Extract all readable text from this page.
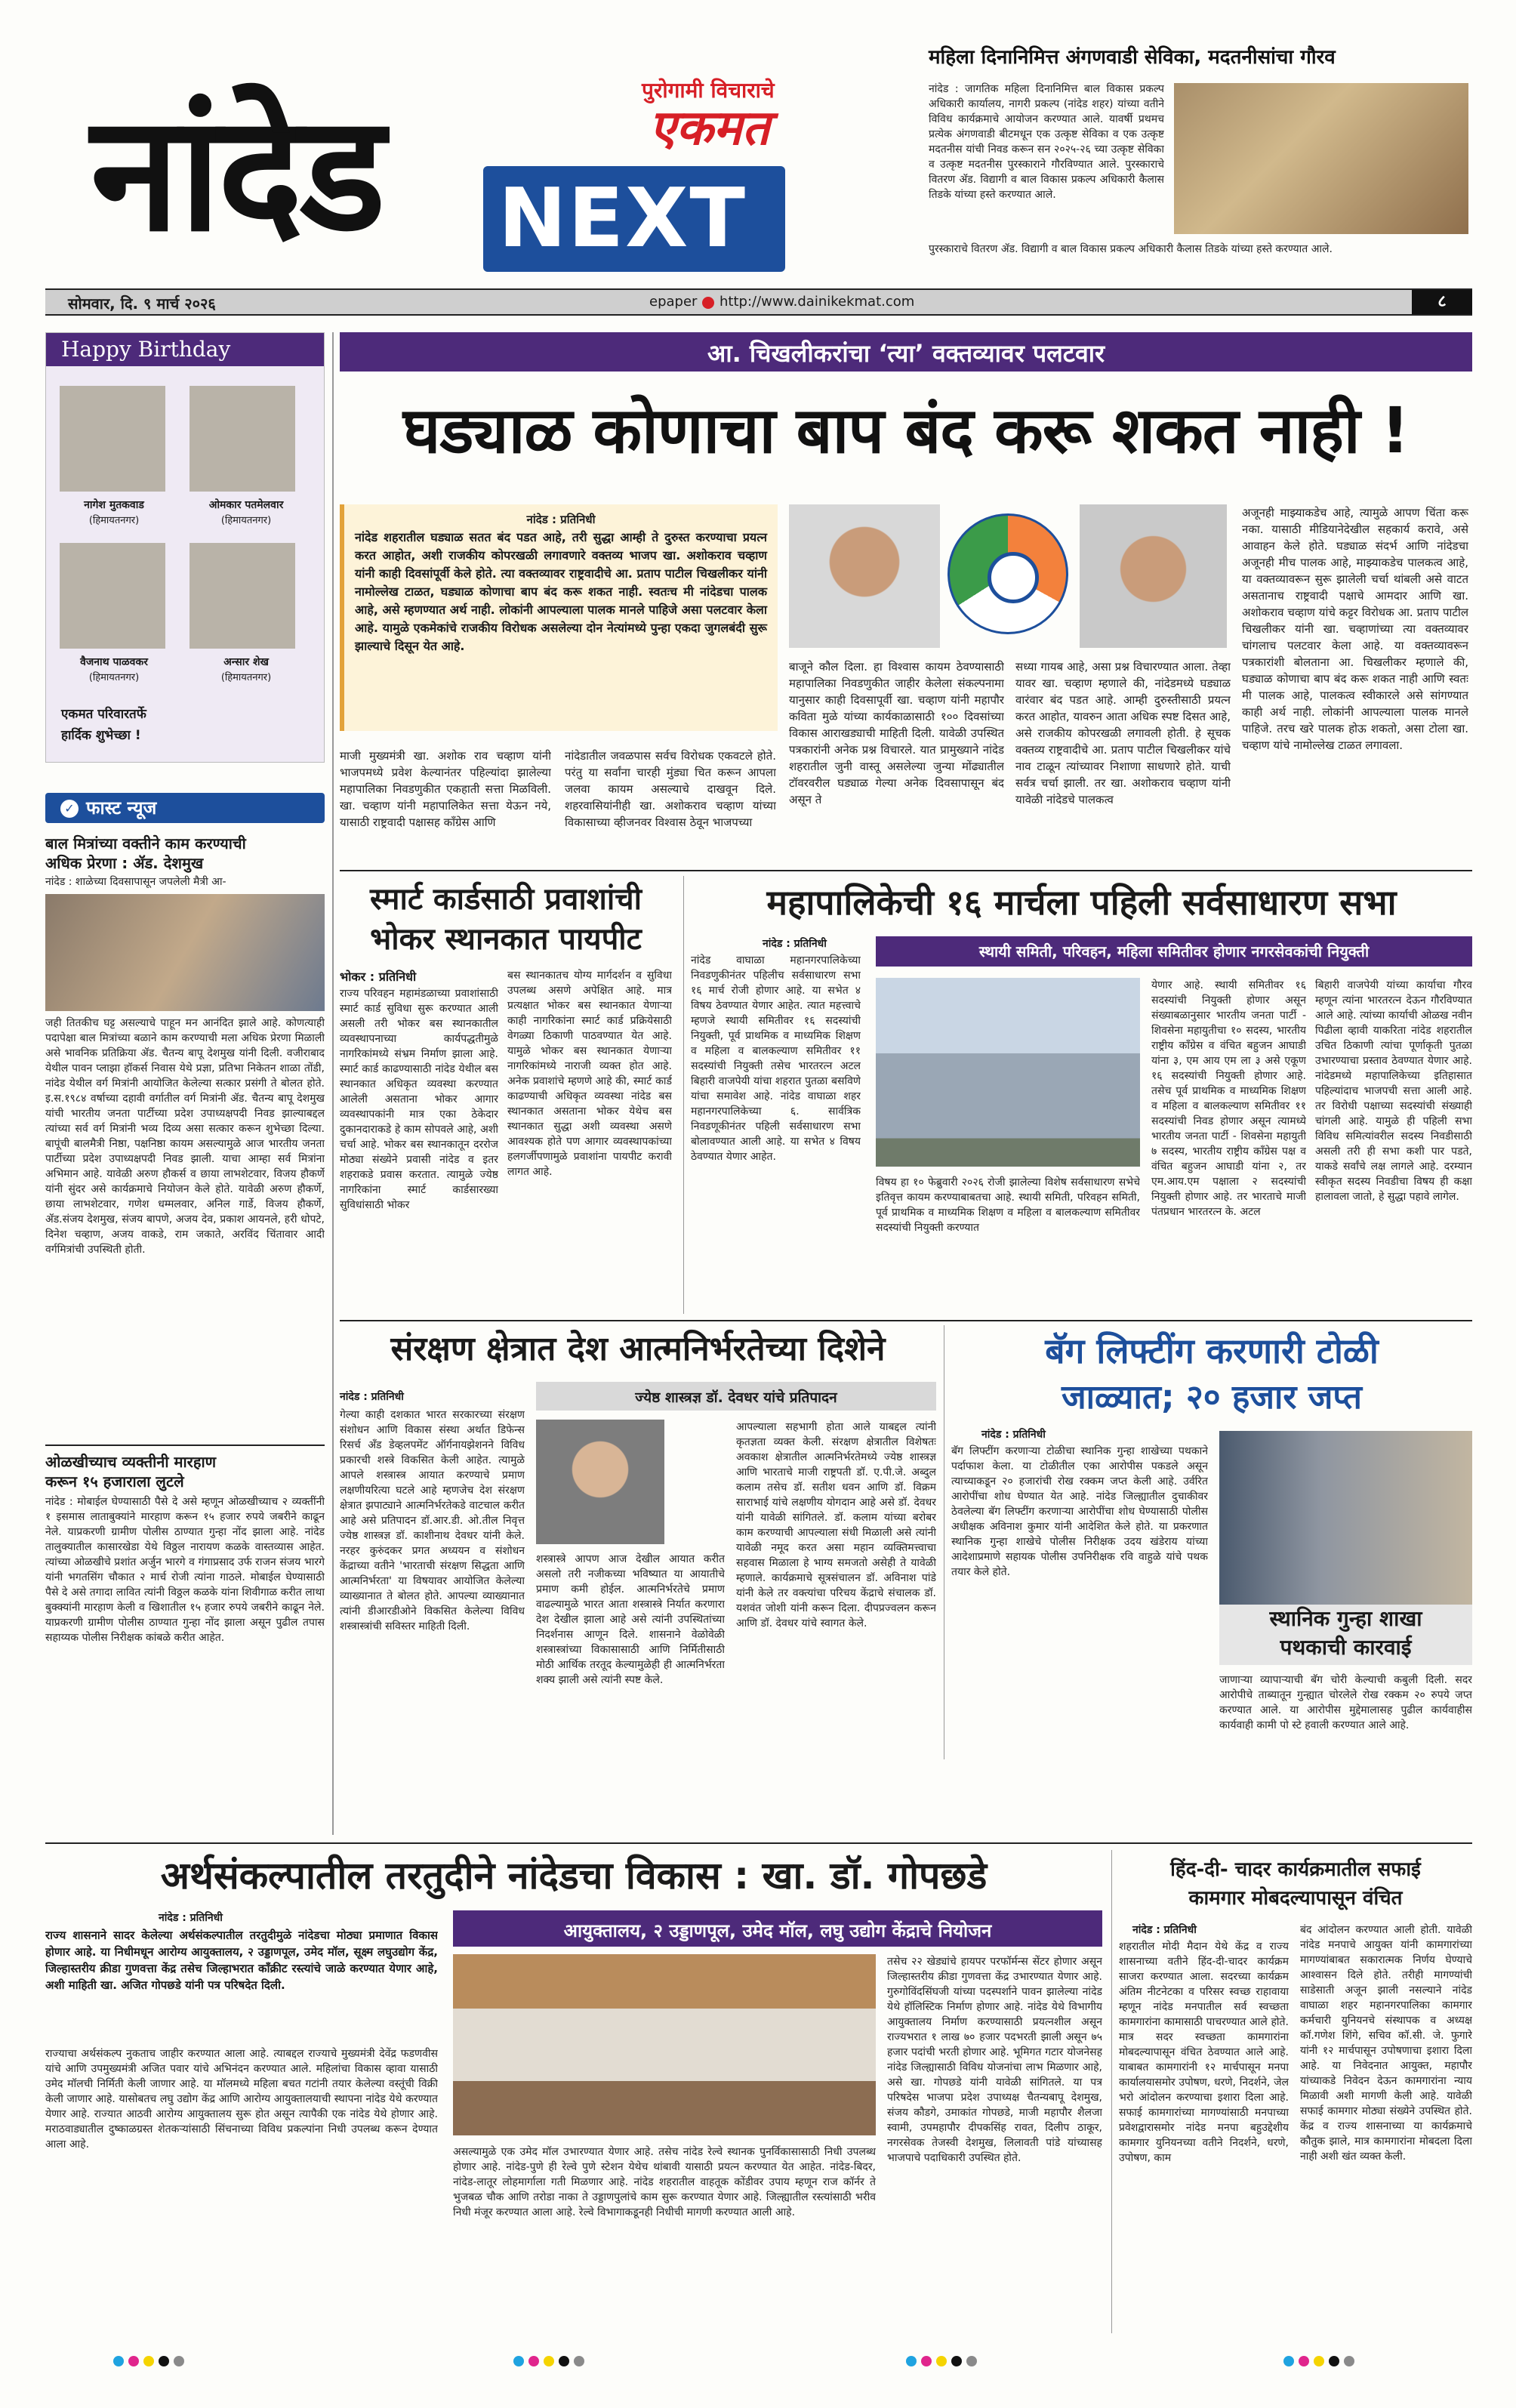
नांदेड	पुरोगामी विचाराचे
एकमत
NEXT
महिला दिनानिमित्त अंगणवाडी सेविका, मदतनीसांचा गौरव
नांदेड : जागतिक महिला दिनानिमित्त बाल विकास प्रकल्प अधिकारी कार्यालय, नागरी प्रकल्प (नांदेड शहर) यांच्या वतीने विविध कार्यक्रमाचे आयोजन करण्यात आले. यावर्षी प्रथमच प्रत्येक अंगणवाडी बीटमधून एक उत्कृष्ट सेविका व एक उत्कृष्ट मदतनीस यांची निवड करून सन २०२५-२६ च्या उत्कृष्ट सेविका व उत्कृष्ट मदतनीस पुरस्काराने गौरविण्यात आले. पुरस्काराचे वितरण ॲड. विद्यागी व बाल विकास प्रकल्प अधिकारी कैलास तिडके यांच्या हस्ते करण्यात आले.
पुरस्काराचे वितरण ॲड. विद्यागी व बाल विकास प्रकल्प अधिकारी कैलास तिडके यांच्या हस्ते करण्यात आले.
सोमवार, दि. ९ मार्च २०२६	epaper http://www.dainikekmat.com	८
Happy Birthday
नागेश मुतकवाड
(हिमायतनगर)
ओमकार पतमेलवार
(हिमायतनगर)
वैजनाथ पाळवकर
(हिमायतनगर)
अन्सार शेख
(हिमायतनगर)
एकमत परिवारतर्फे
हार्दिक शुभेच्छा !
✓ फास्ट न्यूज
बाल मित्रांच्या वक्तीने काम करण्याची
अधिक प्रेरणा : ॲड. देशमुख
नांदेड : शाळेच्या दिवसापासून जपलेली मैत्री आ-
जही तितकीच घट्ट असल्याचे पाहून मन आनंदित झाले आहे. कोणत्याही पदापेक्षा बाल मित्रांच्या बळाने काम करण्याची मला अधिक प्रेरणा मिळाली असे भावनिक प्रतिक्रिया ॲड. चैतन्य बापू देशमुख यांनी दिली. वजीराबाद येथील पावन प्लाझा हॉकर्स निवास येथे प्रज्ञा, प्रतिभा निकेतन शाळा तोंडी, नांदेड येथील वर्ग मित्रांनी आयोजित केलेल्या सत्कार प्रसंगी ते बोलत होते. इ.स.१९८४ वर्षाच्या दहावी वर्गातील वर्ग मित्रांनी ॲड. चैतन्य बापू देशमुख यांची भारतीय जनता पार्टीच्या प्रदेश उपाध्यक्षपदी निवड झाल्याबद्दल त्यांच्या सर्व वर्ग मित्रांनी भव्य दिव्य असा सत्कार करून शुभेच्छा दिल्या. बापूंची बालमैत्री निष्ठा, पक्षनिष्ठा कायम असल्यामुळे आज भारतीय जनता पार्टीच्या प्रदेश उपाध्यक्षपदी निवड झाली. याचा आम्हा सर्व मित्रांना अभिमान आहे. यावेळी अरुण हौकर्स व छाया लाभशेटवार, विजय हौकर्णे यांनी सुंदर असे कार्यक्रमाचे नियोजन केले होते. यावेळी अरुण हौकर्णे, छाया लाभशेटवार, गणेश धम्मलवार, अनिल गार्डे, विजय हौकर्णे, ॲड.संजय देशमुख, संजय बापणे, अजय देव, प्रकाश आयनले, हरी धोपटे, दिनेश चव्हाण, अजय वाकडे, राम जकाते, अरविंद चिंतावार आदी वर्गमित्रांची उपस्थिती होती.
ओळखीच्याच व्यक्तीनी मारहाण
करून १५ हजाराला लुटले
नांदेड : मोबाईल घेण्यासाठी पैसे दे असे म्हणून ओळखीच्याच २ व्यक्तींनी १ इसमास लाताबुक्यांने मारहाण करून १५ हजार रुपये जबरीने काढून नेले. याप्रकरणी ग्रामीण पोलीस ठाण्यात गुन्हा नोंद झाला आहे. नांदेड तालुक्यातील कासारखेडा येथे विठ्ठल नारायण कळके वास्तव्यास आहेत. त्यांच्या ओळखीचे प्रशांत अर्जुन भारगे व गंगाप्रसाद उर्फ राजन संजय भारगे यांनी भगतसिंग चौकात २ मार्च रोजी त्यांना गाठले. मोबाईल घेण्यासाठी पैसे दे असे तगादा लावित त्यांनी विठ्ठल कळके यांना शिवीगाळ करीत लाथा बुक्क्यांनी मारहाण केली व खिशातील १५ हजार रुपये जबरीने काढून नेले. याप्रकरणी ग्रामीण पोलीस ठाण्यात गुन्हा नोंद झाला असून पुढील तपास सहाय्यक पोलीस निरीक्षक कांबळे करीत आहेत.
आ. चिखलीकरांचा ‘त्या’ वक्तव्यावर पलटवार
घड्याळ कोणाचा बाप बंद करू शकत नाही !
नांदेड : प्रतिनिधी
नांदेड शहरातील घड्याळ सतत बंद पडत आहे, तरी सुद्धा आम्ही ते दुरुस्त करण्याचा प्रयत्न करत आहोत, अशी राजकीय कोपरखळी लगावणारे वक्तव्य भाजप खा. अशोकराव चव्हाण यांनी काही दिवसांपूर्वी केले होते. त्या वक्तव्यावर राष्ट्रवादीचे आ. प्रताप पाटील चिखलीकर यांनी नामोल्लेख टाळत, घड्याळ कोणाचा बाप बंद करू शकत नाही. स्वतःच मी नांदेडचा पालक आहे, असे म्हणण्यात अर्थ नाही. लोकांनी आपल्याला पालक मानले पाहिजे असा पलटवार केला आहे. यामुळे एकमेकांचे राजकीय विरोधक असलेल्या दोन नेत्यांमध्ये पुन्हा एकदा जुगलबंदी सुरू झाल्याचे दिसून येत आहे.
माजी मुख्यमंत्री खा. अशोक राव चव्हाण यांनी भाजपमध्ये प्रवेश केल्यानंतर पहिल्यांदा झालेल्या महापालिका निवडणुकीत एकहाती सत्ता मिळविली. खा. चव्हाण यांनी महापालिकेत सत्ता येऊन नये, यासाठी राष्ट्रवादी पक्षासह काँग्रेस आणि
नांदेडातील जवळपास सर्वच विरोधक एकवटले होते. परंतु या सर्वांना चारही मुंड्या चित करून आपला जलवा कायम असल्याचे दाखवून दिले. शहरवासियांनीही खा. अशोकराव चव्हाण यांच्या विकासाच्या व्हीजनवर विश्वास ठेवून भाजपच्या
बाजूने कौल दिला. हा विश्वास कायम ठेवण्यासाठी महापालिका निवडणुकीत जाहीर केलेला संकल्पनामा यानुसार काही दिवसापूर्वी खा. चव्हाण यांनी महापौर कविता मुळे यांच्या कार्यकाळासाठी १०० दिवसांच्या विकास आराखड्याची माहिती दिली. यावेळी उपस्थित पत्रकारांनी अनेक प्रश्न विचारले. यात प्रामुख्याने नांदेड शहरातील जुनी वास्तू असलेल्या जुन्या मोंढ्यातील टॉवरवरील घड्याळ गेल्या अनेक दिवसापासून बंद असून ते
सध्या गायब आहे, असा प्रश्न विचारण्यात आला. तेव्हा यावर खा. चव्हाण म्हणाले की, नांदेडमध्ये घड्याळ वारंवार बंद पडत आहे. आम्ही दुरुस्तीसाठी प्रयत्न करत आहोत, यावरुन आता अधिक स्पष्ट दिसत आहे, असे राजकीय कोपरखळी लगावली होती. हे सूचक वक्तव्य राष्ट्रवादीचे आ. प्रताप पाटील चिखलीकर यांचे नाव टाळून त्यांच्यावर निशाणा साधणारे होते. याची सर्वत्र चर्चा झाली. तर खा. अशोकराव चव्हाण यांनी यावेळी नांदेडचे पालकत्व
अजूनही माझ्याकडेच आहे, त्यामुळे आपण चिंता करू नका. यासाठी मीडियानेदेखील सहकार्य करावे, असे आवाहन केले होते. घड्याळ संदर्भ आणि नांदेडचा अजूनही मीच पालक आहे, माझ्याकडेच पालकत्व आहे, या वक्तव्यावरून सुरू झालेली चर्चा थांबली असे वाटत असतानाच राष्ट्रवादी पक्षाचे आमदार आणि खा. अशोकराव चव्हाण यांचे कट्टर विरोधक आ. प्रताप पाटील चिखलीकर यांनी खा. चव्हाणांच्या त्या वक्तव्यावर चांगलाच पलटवार केला आहे. या वक्तव्यावरून पत्रकारांशी बोलताना आ. चिखलीकर म्हणाले की, घड्याळ कोणाचा बाप बंद करू शकत नाही आणि स्वतः मी पालक आहे, पालकत्व स्वीकारले असे सांगण्यात काही अर्थ नाही. लोकांनी आपल्याला पालक मानले पाहिजे. तरच खरे पालक होऊ शकतो, असा टोला खा. चव्हाण यांचे नामोल्लेख टाळत लगावला.
स्मार्ट कार्डसाठी प्रवाशांची
भोकर स्थानकात पायपीट
भोकर : प्रतिनिधी
राज्य परिवहन महामंडळाच्या प्रवाशांसाठी स्मार्ट कार्ड सुविधा सुरू करण्यात आली असली तरी भोकर बस स्थानकातील व्यवस्थापनाच्या कार्यपद्धतीमुळे नागरिकांमध्ये संभ्रम निर्माण झाला आहे. स्मार्ट कार्ड काढण्यासाठी नांदेड येथील बस स्थानकात अधिकृत व्यवस्था करण्यात आलेली असताना भोकर आगार व्यवस्थापकांनी मात्र एका ठेकेदार दुकानदाराकडे हे काम सोपवले आहे, अशी चर्चा आहे. भोकर बस स्थानकातून दररोज मोठ्या संख्येने प्रवासी नांदेड व इतर शहराकडे प्रवास करतात. त्यामुळे ज्येष्ठ नागरिकांना स्मार्ट कार्डसारख्या सुविधांसाठी भोकर
बस स्थानकातच योग्य मार्गदर्शन व सुविधा उपलब्ध असणे अपेक्षित आहे. मात्र प्रत्यक्षात भोकर बस स्थानकात येणाऱ्या काही नागरिकांना स्मार्ट कार्ड प्रक्रियेसाठी वेगळ्या ठिकाणी पाठवण्यात येत आहे. यामुळे भोकर बस स्थानकात येणाऱ्या नागरिकांमध्ये नाराजी व्यक्त होत आहे. अनेक प्रवाशांचे म्हणणे आहे की, स्मार्ट कार्ड काढण्याची अधिकृत व्यवस्था नांदेड बस स्थानकात असताना भोकर येथेच बस स्थानकात सुद्धा अशी व्यवस्था असणे आवश्यक होते पण आगार व्यवस्थापकांच्या हलगर्जीपणामुळे प्रवाशांना पायपीट करावी लागत आहे.
महापालिकेची १६ मार्चला पहिली सर्वसाधारण सभा
नांदेड : प्रतिनिधी
नांदेड वाघाळा महानगरपालिकेच्या निवडणुकीनंतर पहिलीच सर्वसाधारण सभा १६ मार्च रोजी होणार आहे. या सभेत ४ विषय ठेवण्यात येणार आहेत. त्यात महत्त्वाचे म्हणजे स्थायी समितीवर १६ सदस्यांची नियुक्ती, पूर्व प्राथमिक व माध्यमिक शिक्षण व महिला व बालकल्याण समितीवर ११ सदस्यांची नियुक्ती तसेच भारतरत्न अटल बिहारी वाजपेयी यांचा शहरात पुतळा बसविणे यांचा समावेश आहे. नांदेड वाघाळा शहर महानगरपालिकेच्या ६. सार्वत्रिक निवडणूकीनंतर पहिली सर्वसाधारण सभा बोलावण्यात आली आहे. या सभेत ४ विषय ठेवण्यात येणार आहेत.
स्थायी समिती, परिवहन, महिला समितीवर होणार नगरसेवकांची नियुक्ती
विषय हा १० फेब्रुवारी २०२६ रोजी झालेल्या विशेष सर्वसाधारण सभेचे इतिवृत्त कायम करण्याबाबतचा आहे. स्थायी समिती, परिवहन समिती, पूर्व प्राथमिक व माध्यमिक शिक्षण व महिला व बालकल्याण समितीवर सदस्यांची नियुक्ती करण्यात
येणार आहे. स्थायी समितीवर १६ सदस्यांची नियुक्ती होणार असून संख्याबळानुसार भारतीय जनता पार्टी - शिवसेना महायुतीचा १० सदस्य, भारतीय राष्ट्रीय काँग्रेस व वंचित बहुजन आघाडी यांना ३, एम आय एम ला ३ असे एकूण १६ सदस्यांची नियुक्ती होणार आहे. तसेच पूर्व प्राथमिक व माध्यमिक शिक्षण व महिला व बालकल्याण समितीवर ११ सदस्यांची निवड होणार असून त्यामध्ये भारतीय जनता पार्टी - शिवसेना महायुती ७ सदस्य, भारतीय राष्ट्रीय काँग्रेस पक्ष व वंचित बहुजन आघाडी यांना २, तर एम.आय.एम पक्षाला २ सदस्यांची नियुक्ती होणार आहे. तर भारताचे माजी पंतप्रधान भारतरत्न के. अटल
बिहारी वाजपेयी यांच्या कार्याचा गौरव म्हणून त्यांना भारतरत्न देऊन गौरविण्यात आले आहे. त्यांच्या कार्याची ओळख नवीन पिढीला व्हावी याकरिता नांदेड शहरातील उचित ठिकाणी त्यांचा पूर्णाकृती पुतळा उभारण्याचा प्रस्ताव ठेवण्यात येणार आहे. नांदेडमध्ये महापालिकेच्या इतिहासात पहिल्यांदाच भाजपची सत्ता आली आहे. तर विरोधी पक्षाच्या सदस्यांची संख्याही चांगली आहे. यामुळे ही पहिली सभा विविध समित्यांवरील सदस्य निवडीसाठी असली तरी ही सभा कशी पार पडते, याकडे सर्वांचे लक्ष लागले आहे. दरम्यान स्वीकृत सदस्य निवडीचा विषय ही कक्षा हालावला जातो, हे सुद्धा पहावे लागेल.
संरक्षण क्षेत्रात देश आत्मनिर्भरतेच्या दिशेने
ज्येष्ठ शास्त्रज्ञ डॉ. देवधर यांचे प्रतिपादन
नांदेड : प्रतिनिधी
गेल्या काही दशकात भारत सरकारच्या संरक्षण संशोधन आणि विकास संस्था अर्थात डिफेन्स रिसर्च ॲंड डेव्हलपमेंट ऑर्गनायझेशनने विविध प्रकारची शस्त्रे विकसित केली आहेत. त्यामुळे आपले शस्त्रास्त्र आयात करण्याचे प्रमाण लक्षणीयरित्या घटले आहे म्हणजेच देश संरक्षण क्षेत्रात झपाट्याने आत्मनिर्भरतेकडे वाटचाल करीत आहे असे प्रतिपादन डॉ.आर.डी. ओ.तील निवृत्त ज्येष्ठ शास्त्रज्ञ डॉ. काशीनाथ देवधर यांनी केले. नरहर कुरुंदकर प्रगत अध्ययन व संशोधन केंद्राच्या वतीने 'भारताची संरक्षण सिद्धता आणि आत्मनिर्भरता' या विषयावर आयोजित केलेल्या व्याख्यानात ते बोलत होते. आपल्या व्याख्यानात त्यांनी डीआरडीओने विकसित केलेल्या विविध शस्त्रास्त्रांची सविस्तर माहिती दिली.
शस्त्रास्त्रे आपण आज देखील आयात करीत असलो तरी नजीकच्या भविष्यात या आयातीचे प्रमाण कमी होईल. आत्मनिर्भरतेचे प्रमाण वाढल्यामुळे भारत आता शस्त्रास्त्रे निर्यात करणारा देश देखील झाला आहे असे त्यांनी उपस्थितांच्या निदर्शनास आणून दिले. शासनाने वेळोवेळी शस्त्रास्त्रांच्या विकासासाठी आणि निर्मितीसाठी मोठी आर्थिक तरतूद केल्यामुळेही ही आत्मनिर्भरता शक्य झाली असे त्यांनी स्पष्ट केले.
आपल्याला सहभागी होता आले याबद्दल त्यांनी कृतज्ञता व्यक्त केली. संरक्षण क्षेत्रातील विशेषतः अवकाश क्षेत्रातील आत्मनिर्भरतेमध्ये ज्येष्ठ शास्त्रज्ञ आणि भारताचे माजी राष्ट्रपती डॉ. ए.पी.जे. अब्दुल कलाम तसेच डॉ. सतीश धवन आणि डॉ. विक्रम साराभाई यांचे लक्षणीय योगदान आहे असे डॉ. देवधर यांनी यावेळी सांगितले. डॉ. कलाम यांच्या बरोबर काम करण्याची आपल्याला संधी मिळाली असे त्यांनी यावेळी नमूद करत असा महान व्यक्तिमत्त्वाचा सहवास मिळाला हे भाग्य समजतो असेही ते यावेळी म्हणाले. कार्यक्रमाचे सूत्रसंचालन डॉ. अविनाश पांडे यांनी केले तर वक्त्यांचा परिचय केंद्राचे संचालक डॉ. यशवंत जोशी यांनी करून दिला. दीपप्रज्वलन करून आणि डॉ. देवधर यांचे स्वागत केले.
बॅग लिफ्टींग करणारी टोळी
जाळ्यात; २० हजार जप्त
नांदेड : प्रतिनिधी
बॅग लिफ्टींग करणाऱ्या टोळीचा स्थानिक गुन्हा शाखेच्या पथकाने पर्दाफाश केला. या टोळीतील एका आरोपीस पकडले असून त्याच्याकडून २० हजारांची रोख रक्कम जप्त केली आहे. उर्वरित आरोपींचा शोध घेण्यात येत आहे. नांदेड जिल्ह्यातील दुचाकीवर ठेवलेल्या बॅग लिफ्टींग करणाऱ्या आरोपींचा शोध घेण्यासाठी पोलीस अधीक्षक अविनाश कुमार यांनी आदेशित केले होते. या प्रकरणात स्थानिक गुन्हा शाखेचे पोलीस निरीक्षक उदय खंडेराय यांच्या आदेशाप्रमाणे सहायक पोलीस उपनिरीक्षक रवि वाहुळे यांचे पथक तयार केले होते.
स्थानिक गुन्हा शाखा
पथकाची कारवाई
जाणाऱ्या व्यापाऱ्याची बॅग चोरी केल्याची कबुली दिली. सदर आरोपीचे ताब्यातून गुन्ह्यात चोरलेले रोख रक्कम २० रुपये जप्त करण्यात आले. या आरोपीस मुद्देमालासह पुढील कार्यवाहीस कार्यवाही कामी पो स्टे हवाली करण्यात आले आहे.
अर्थसंकल्पातील तरतुदीने नांदेडचा विकास : खा. डॉ. गोपछडे
नांदेड : प्रतिनिधी
राज्य शासनाने सादर केलेल्या अर्थसंकल्पातील तरतुदीमुळे नांदेडचा मोठ्या प्रमाणात विकास होणार आहे. या निधीमधून आरोग्य आयुक्तालय, २ उड्डाणपूल, उमेद मॉल, सूक्ष्म लघुउद्योग केंद्र, जिल्हास्तरीय क्रीडा गुणवत्ता केंद्र तसेच जिल्हाभरात कॉंक्रीट रस्त्यांचे जाळे करण्यात येणार आहे, अशी माहिती खा. अजित गोपछडे यांनी पत्र परिषदेत दिली.
आयुक्तालय, २ उड्डाणपूल, उमेद मॉल, लघु उद्योग केंद्राचे नियोजन
राज्याचा अर्थसंकल्प नुकताच जाहीर करण्यात आला आहे. त्याबद्दल राज्याचे मुख्यमंत्री देवेंद्र फडणवीस यांचे आणि उपमुख्यमंत्री अजित पवार यांचे अभिनंदन करण्यात आले. महिलांचा विकास व्हावा यासाठी उमेद मॉलची निर्मिती केली जाणार आहे. या मॉलमध्ये महिला बचत गटांनी तयार केलेल्या वस्तूंची विक्री केली जाणार आहे. यासोबतच लघु उद्योग केंद्र आणि आरोग्य आयुक्तालयाची स्थापना नांदेड येथे करण्यात येणार आहे. राज्यात आठवी आरोग्य आयुक्तालय सुरू होत असून त्यापैकी एक नांदेड येथे होणार आहे. मराठवाड्यातील दुष्काळग्रस्त शेतकऱ्यांसाठी सिंचनाच्या विविध प्रकल्पांना निधी उपलब्ध करून देण्यात आला आहे.
असल्यामुळे एक उमेद मॉल उभारण्यात येणार आहे. तसेच नांदेड रेल्वे स्थानक पुनर्विकासासाठी निधी उपलब्ध होणार आहे. नांदेड-पुणे ही रेल्वे पुणे स्टेशन येथेच थांबावी यासाठी प्रयत्न करण्यात येत आहेत. नांदेड-बिदर, नांदेड-लातूर लोहमार्गाला गती मिळणार आहे. नांदेड शहरातील वाहतूक कोंडीवर उपाय म्हणून राज कॉर्नर ते भुजबळ चौक आणि तरोडा नाका ते उड्डाणपुलांचे काम सुरू करण्यात येणार आहे. जिल्ह्यातील रस्त्यांसाठी भरीव निधी मंजूर करण्यात आला आहे. रेल्वे विभागाकडूनही निधीची मागणी करण्यात आली आहे.
तसेच २२ खेड्यांचे हायपर परफॉर्मन्स सेंटर होणार असून जिल्हास्तरीय क्रीडा गुणवत्ता केंद्र उभारण्यात येणार आहे. गुरुगोविंदसिंघजी यांच्या पदस्पर्शाने पावन झालेल्या नांदेड येथे हॉलिस्टिक निर्माण होणार आहे. नांदेड येथे विभागीय आयुक्तालय निर्माण करण्यासाठी प्रयत्नशील असून राज्यभरात १ लाख ७० हजार पदभरती झाली असून ७५ हजार पदांची भरती होणार आहे. भूमिगत गटार योजनेसह नांदेड जिल्ह्यासाठी विविध योजनांचा लाभ मिळणार आहे, असे खा. गोपछडे यांनी यावेळी सांगितले. या पत्र परिषदेस भाजपा प्रदेश उपाध्यक्ष चैतन्यबापू देशमुख, संजय कौडगे, उमाकांत गोपछडे, माजी महापौर शैलजा स्वामी, उपमहापौर दीपकसिंह रावत, दिलीप ठाकूर, नगरसेवक तेजस्वी देशमुख, लिलावती पांडे यांच्यासह भाजपाचे पदाधिकारी उपस्थित होते.
हिंद-दी- चादर कार्यक्रमातील सफाई
कामगार मोबदल्यापासून वंचित
नांदेड : प्रतिनिधी
शहरातील मोदी मैदान येथे केंद्र व राज्य शासनाच्या वतीने हिंद-दी-चादर कार्यक्रम साजरा करण्यात आला. सदरच्या कार्यक्रम अंतिम नीटनेटका व परिसर स्वच्छ राहावाया म्हणून नांदेड मनपातील सर्व स्वच्छता कामगारांना कामासाठी पाचरण्यात आले होते. मात्र सदर स्वच्छता कामगारांना मोबदल्यापासून वंचित ठेवण्यात आले आहे. याबाबत कामगारांनी १२ मार्चपासून मनपा कार्यालयासमोर उपोषण, धरणे, निदर्शने, जेल भरो आंदोलन करण्याचा इशारा दिला आहे. सफाई कामगारांच्या मागण्यांसाठी मनपाच्या प्रवेशद्वारासमोर नांदेड मनपा बहुउद्देशीय कामगार युनियनच्या वतीने निदर्शने, धरणे, उपोषण, काम
बंद आंदोलन करण्यात आली होती. यावेळी नांदेड मनपाचे आयुक्त यांनी कामगारांच्या मागण्यांबाबत सकारात्मक निर्णय घेण्याचे आश्वासन दिले होते. तरीही मागण्यांची साडेसाती अजून झाली नसल्याने नांदेड वाघाळा शहर महानगरपालिका कामगार कर्मचारी युनियनचे संस्थापक व अध्यक्ष कॉ.गणेश शिंगे, सचिव कॉ.सी. जे. फुगारे यांनी १२ मार्चपासून उपोषणाचा इशारा दिला आहे. या निवेदनात आयुक्त, महापौर यांच्याकडे निवेदन देऊन कामगारांना न्याय मिळावी अशी मागणी केली आहे. यावेळी सफाई कामगार मोठ्या संख्येने उपस्थित होते. केंद्र व राज्य शासनाच्या या कार्यक्रमाचे कौतुक झाले, मात्र कामगारांना मोबदला दिला नाही अशी खंत व्यक्त केली.
